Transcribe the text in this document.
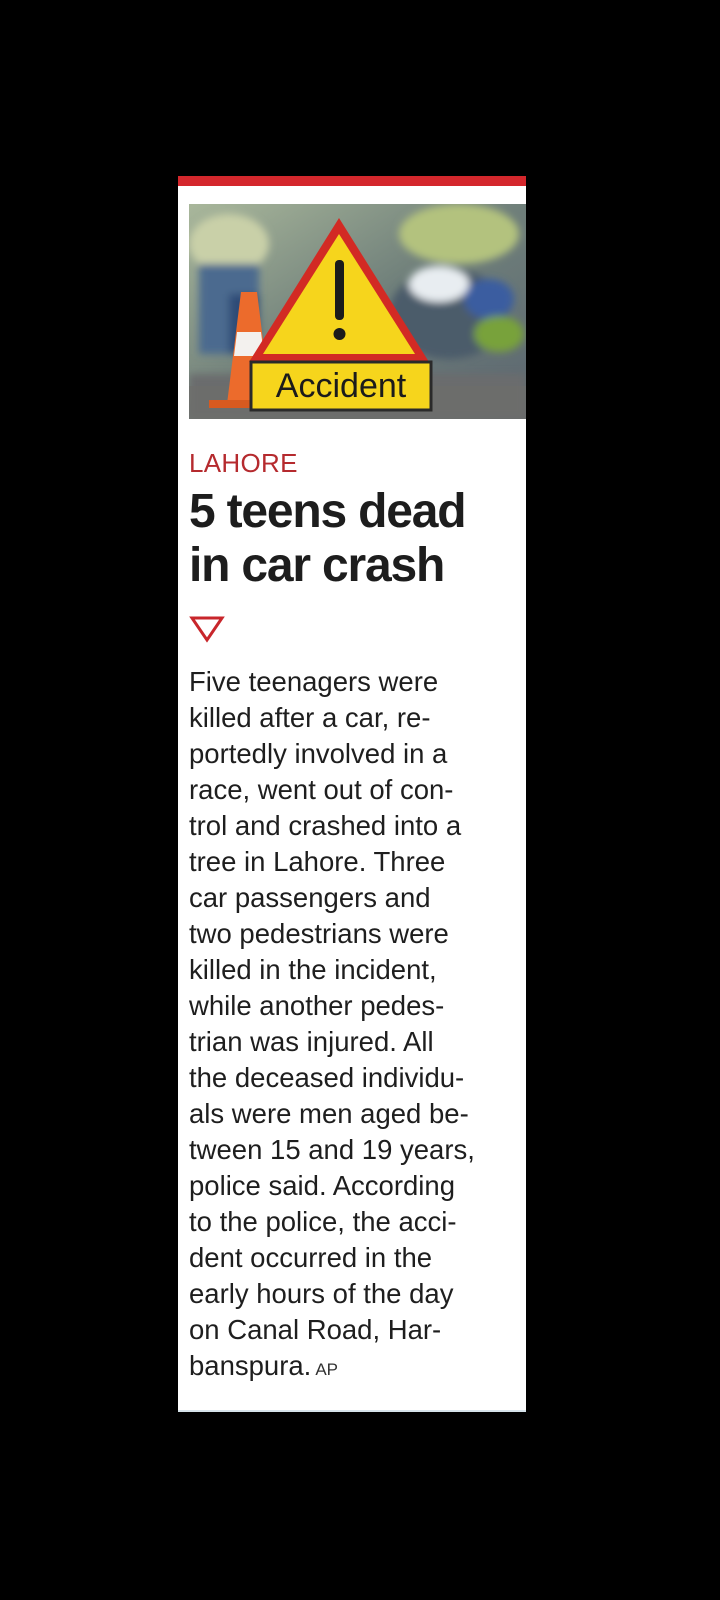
Accident
LAHORE
5 teens dead
in car crash
Five teenagers were
killed after a car, re-
portedly involved in a
race, went out of con-
trol and crashed into a
tree in Lahore. Three
car passengers and
two pedestrians were
killed in the incident,
while another pedes-
trian was injured. All
the deceased individu-
als were men aged be-
tween 15 and 19 years,
police said. According
to the police, the acci-
dent occurred in the
early hours of the day
on Canal Road, Har-
banspura. AP
